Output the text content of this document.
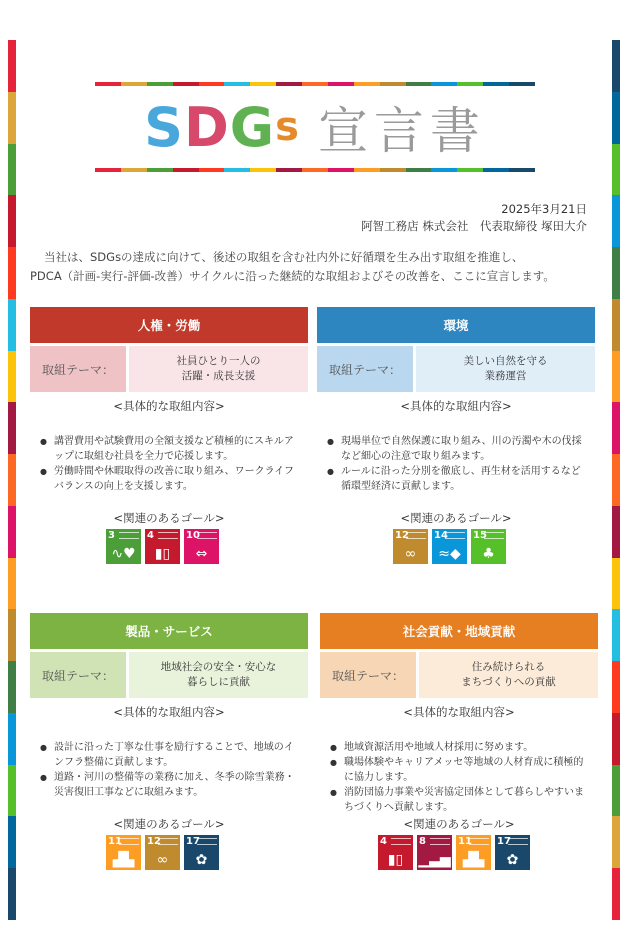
S D G s 宣言書
2025年3月21日
阿智工務店 株式会社　代表取締役 塚田大介

当社は、SDGsの達成に向けて、後述の取組を含む社内外に好循環を生み出す取組を推進し、

PDCA（計画-実行-評価-改善）サイクルに沿った継続的な取組およびその改善を、ここに宣言します。

人権・労働
取組テーマ：
社員ひとり一人の
活躍・成長支援
<具体的な取組内容>
● 講習費用や試験費用の全額支援など積極的にスキルアップに取組む社員を全力で応援します。
● 労働時間や休暇取得の改善に取り組み、ワークライフバランスの向上を支援します。
<関連のあるゴール>
3
∿♥
4
▮▯
10
⇔
環境
取組テーマ：
美しい自然を守る
業務運営
<具体的な取組内容>
● 現場単位で自然保護に取り組み、川の汚濁や木の伐採など細心の注意で取り組みます。
● ルールに沿った分別を徹底し、再生材を活用するなど循環型経済に貢献します。
<関連のあるゴール>
12
∞
14
≈◆
15
♣
製品・サービス
取組テーマ：
地域社会の安全・安心な
暮らしに貢献
<具体的な取組内容>
● 設計に沿った丁寧な仕事を励行することで、地域のインフラ整備に貢献します。
● 道路・河川の整備等の業務に加え、冬季の除雪業務・災害復旧工事などに取組みます。
<関連のあるゴール>
11
▟▙
12
∞
17
✿
社会貢献・地域貢献
取組テーマ：
住み続けられる
まちづくりへの貢献
<具体的な取組内容>
● 地域資源活用や地域人材採用に努めます。
● 職場体験やキャリアメッセ等地域の人材育成に積極的に協力します。
● 消防団協力事業や災害協定団体として暮らしやすいまちづくりへ貢献します。
<関連のあるゴール>
4
▮▯
8
▁▃▅
11
▟▙
17
✿
